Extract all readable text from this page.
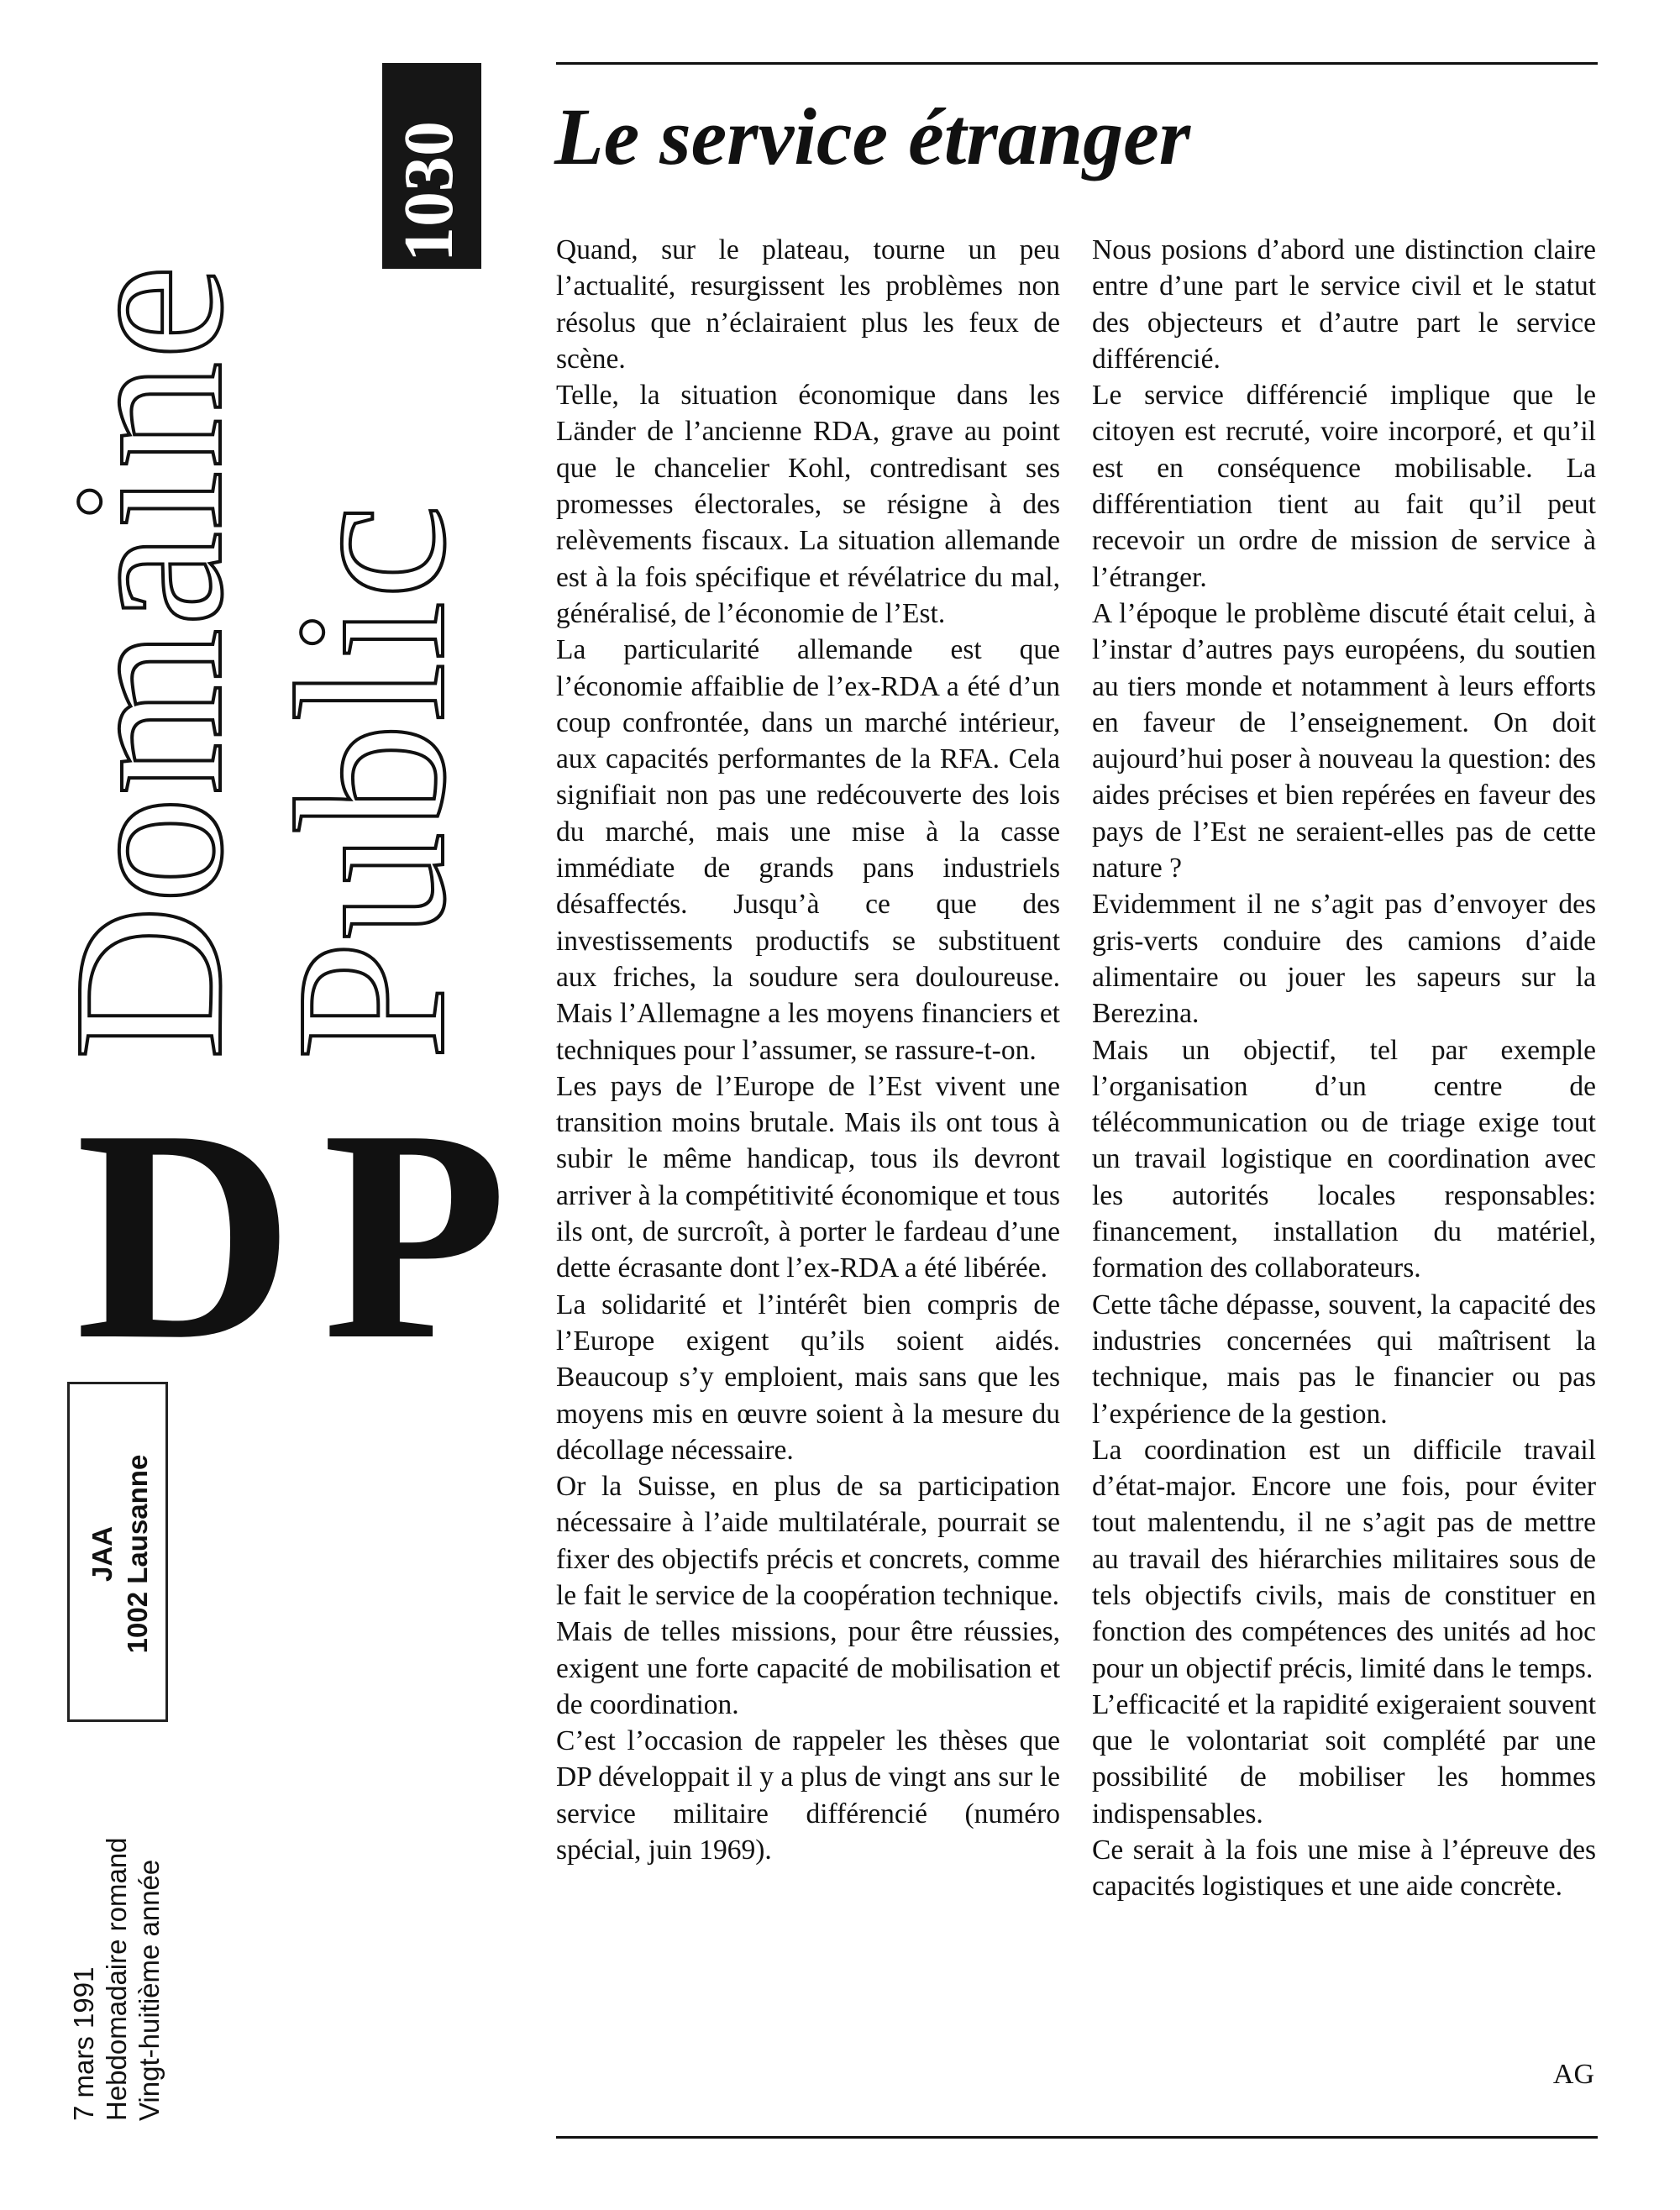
Domaine
Public
1030
DP
JAA 1002 Lausanne
7 mars 1991 Hebdomadaire romand Vingt-huitième année
Le service étranger

Quand, sur le plateau, tourne un peu l’actualité, resurgissent les problèmes non résolus que n’éclairaient plus les feux de scène.

Telle, la situation économique dans les Länder de l’ancienne RDA, grave au point que le chancelier Kohl, contredisant ses promesses électorales, se résigne à des relèvements fiscaux. La situation allemande est à la fois spécifique et révélatrice du mal, généralisé, de l’économie de l’Est.

La particularité allemande est que l’économie affaiblie de l’ex-RDA a été d’un coup confrontée, dans un marché intérieur, aux capacités performantes de la RFA. Cela signifiait non pas une redécouverte des lois du marché, mais une mise à la casse immédiate de grands pans industriels désaffectés. Jusqu’à ce que des investissements productifs se substituent aux friches, la soudure sera douloureuse. Mais l’Allemagne a les moyens financiers et techniques pour l’assumer, se rassure-t-on.

Les pays de l’Europe de l’Est vivent une transition moins brutale. Mais ils ont tous à subir le même handicap, tous ils devront arriver à la compétitivité économique et tous ils ont, de surcroît, à porter le fardeau d’une dette écrasante dont l’ex-RDA a été libérée.

La solidarité et l’intérêt bien compris de l’Europe exigent qu’ils soient aidés. Beaucoup s’y emploient, mais sans que les moyens mis en œuvre soient à la mesure du décollage nécessaire.

Or la Suisse, en plus de sa participation nécessaire à l’aide multilatérale, pourrait se fixer des objectifs précis et concrets, comme le fait le service de la coopération technique.

Mais de telles missions, pour être réussies, exigent une forte capacité de mobilisation et de coordination.

C’est l’occasion de rappeler les thèses que DP développait il y a plus de vingt ans sur le service militaire différencié (numéro spécial, juin 1969).

Nous posions d’abord une distinction claire entre d’une part le service civil et le statut des objecteurs et d’autre part le service différencié.

Le service différencié implique que le citoyen est recruté, voire incorporé, et qu’il est en conséquence mobilisable. La différentiation tient au fait qu’il peut recevoir un ordre de mission de service à l’étranger.

A l’époque le problème discuté était celui, à l’instar d’autres pays européens, du soutien au tiers monde et notamment à leurs efforts en faveur de l’enseignement. On doit aujourd’hui poser à nouveau la question: des aides précises et bien repérées en faveur des pays de l’Est ne seraient-elles pas de cette nature ?

Evidemment il ne s’agit pas d’envoyer des gris-verts conduire des camions d’aide alimentaire ou jouer les sapeurs sur la Berezina.

Mais un objectif, tel par exemple l’organisation d’un centre de télécommunication ou de triage exige tout un travail logistique en coordination avec les autorités locales responsables: financement, installation du matériel, formation des collaborateurs.

Cette tâche dépasse, souvent, la capacité des industries concernées qui maîtrisent la technique, mais pas le financier ou pas l’expérience de la gestion.

La coordination est un difficile travail d’état-major. Encore une fois, pour éviter tout malentendu, il ne s’agit pas de mettre au travail des hiérarchies militaires sous de tels objectifs civils, mais de constituer en fonction des compétences des unités ad hoc pour un objectif précis, limité dans le temps.

L’efficacité et la rapidité exigeraient souvent que le volontariat soit complété par une possibilité de mobiliser les hommes indispensables.

Ce serait à la fois une mise à l’épreuve des capacités logistiques et une aide concrète.

AG
